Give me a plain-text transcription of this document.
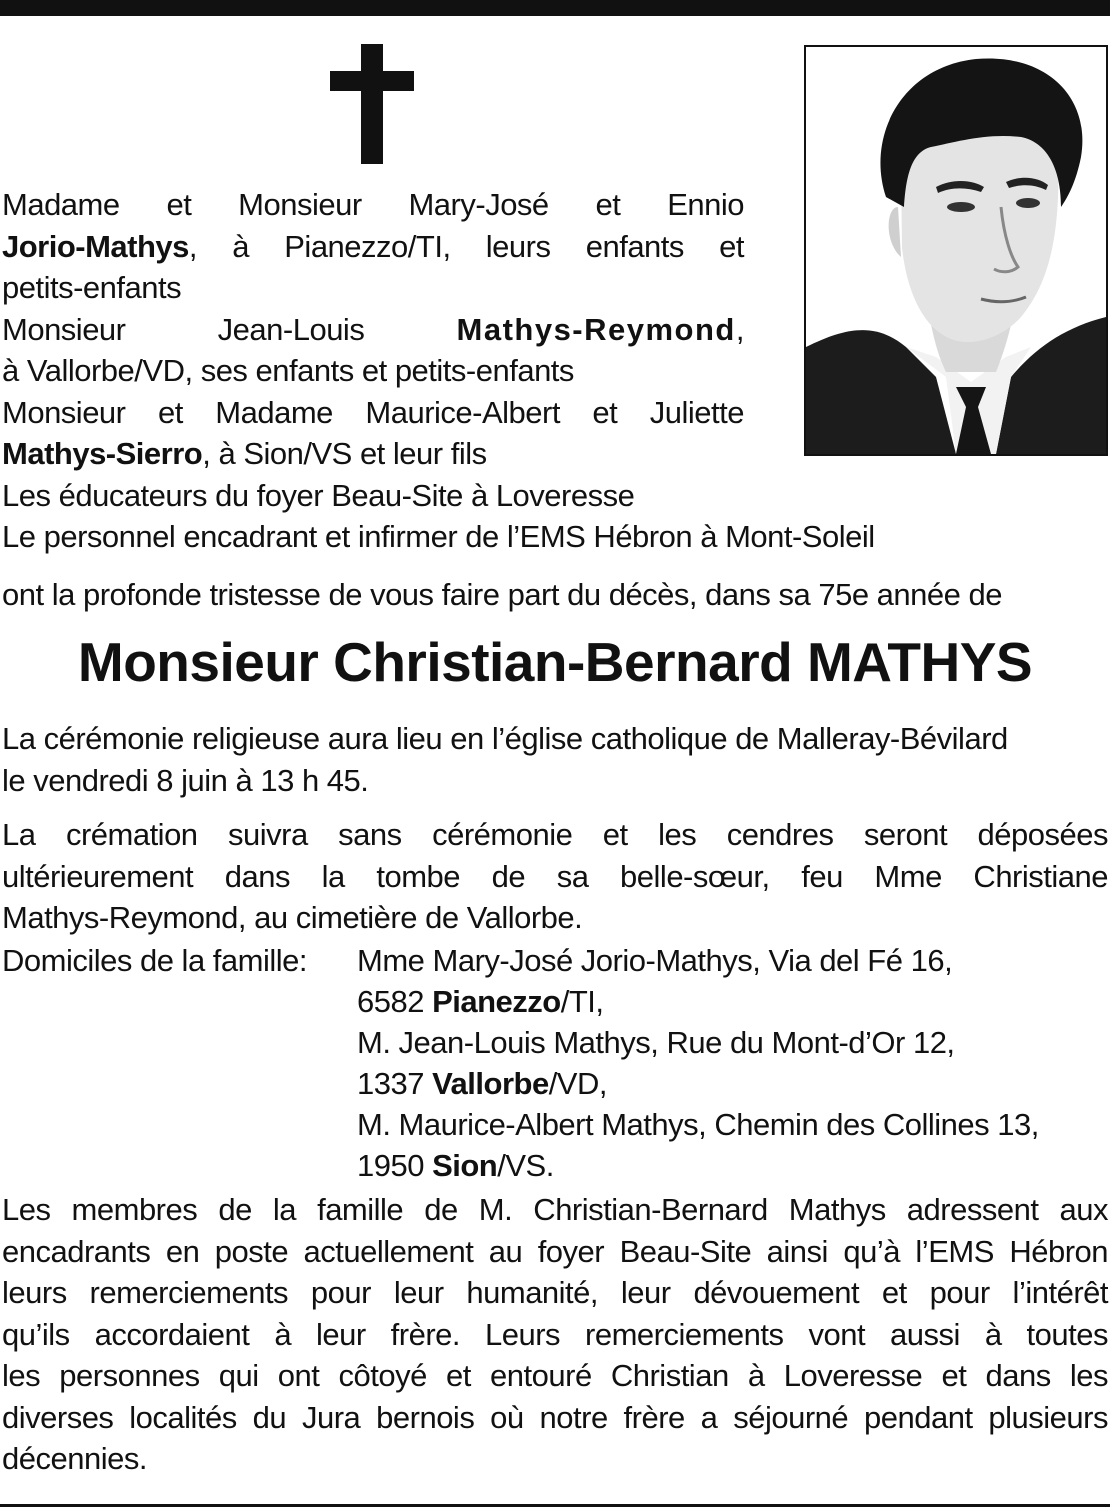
Madame et Monsieur Mary-José et Ennio
Jorio-Mathys, à Pianezzo/TI, leurs enfants et
petits-enfants
Monsieur Jean-Louis Mathys-Reymond,
à Vallorbe/VD, ses enfants et petits-enfants
Monsieur et Madame Maurice-Albert et Juliette
Mathys-Sierro, à Sion/VS et leur fils
Les éducateurs du foyer Beau-Site à Loveresse
Le personnel encadrant et infirmer de l’EMS Hébron à Mont-Soleil
ont la profonde tristesse de vous faire part du décès, dans sa 75e année de
Monsieur Christian-Bernard MATHYS
La cérémonie religieuse aura lieu en l’église catholique de Malleray-Bévilard
le vendredi 8 juin à 13 h 45.
La crémation suivra sans cérémonie et les cendres seront déposées
ultérieurement dans la tombe de sa belle-sœur, feu Mme Christiane
Mathys-Reymond, au cimetière de Vallorbe.
Domiciles de la famille: Mme Mary-José Jorio-Mathys, Via del Fé 16,
6582 Pianezzo/TI,
M. Jean-Louis Mathys, Rue du Mont-d’Or 12,
1337 Vallorbe/VD,
M. Maurice-Albert Mathys, Chemin des Collines 13,
1950 Sion/VS.
Les membres de la famille de M. Christian-Bernard Mathys adressent aux
encadrants en poste actuellement au foyer Beau-Site ainsi qu’à l’EMS Hébron
leurs remerciements pour leur humanité, leur dévouement et pour l’intérêt
qu’ils accordaient à leur frère. Leurs remerciements vont aussi à toutes
les personnes qui ont côtoyé et entouré Christian à Loveresse et dans les
diverses localités du Jura bernois où notre frère a séjourné pendant plusieurs
décennies.
